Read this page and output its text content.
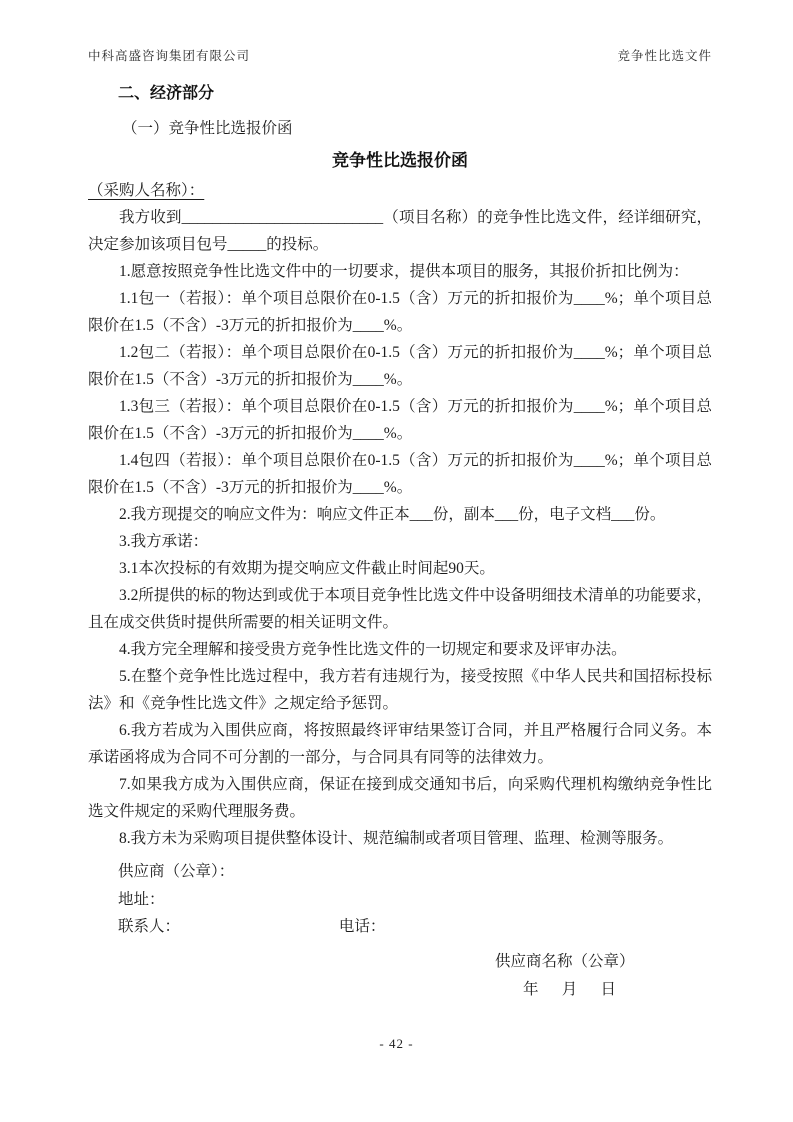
中科高盛咨询集团有限公司	竞争性比选文件
二、经济部分
（一）竞争性比选报价函
竞争性比选报价函
（采购人名称）：

我方收到__________________________（项目名称）的竞争性比选文件，经详细研究，决定参加该项目包号_____的投标。

1.愿意按照竞争性比选文件中的一切要求，提供本项目的服务，其报价折扣比例为：

1.1包一（若报）：单个项目总限价在0-1.5（含）万元的折扣报价为____%；单个项目总限价在1.5（不含）-3万元的折扣报价为____%。

1.2包二（若报）：单个项目总限价在0-1.5（含）万元的折扣报价为____%；单个项目总限价在1.5（不含）-3万元的折扣报价为____%。

1.3包三（若报）：单个项目总限价在0-1.5（含）万元的折扣报价为____%；单个项目总限价在1.5（不含）-3万元的折扣报价为____%。

1.4包四（若报）：单个项目总限价在0-1.5（含）万元的折扣报价为____%；单个项目总限价在1.5（不含）-3万元的折扣报价为____%。

2.我方现提交的响应文件为：响应文件正本___份，副本___份，电子文档___份。

3.我方承诺：

3.1本次投标的有效期为提交响应文件截止时间起90天。

3.2所提供的标的物达到或优于本项目竞争性比选文件中设备明细技术清单的功能要求，且在成交供货时提供所需要的相关证明文件。

4.我方完全理解和接受贵方竞争性比选文件的一切规定和要求及评审办法。

5.在整个竞争性比选过程中，我方若有违规行为，接受按照《中华人民共和国招标投标法》和《竞争性比选文件》之规定给予惩罚。

6.我方若成为入围供应商，将按照最终评审结果签订合同，并且严格履行合同义务。本承诺函将成为合同不可分割的一部分，与合同具有同等的法律效力。

7.如果我方成为入围供应商，保证在接到成交通知书后，向采购代理机构缴纳竞争性比选文件规定的采购代理服务费。

8.我方未为采购项目提供整体设计、规范编制或者项目管理、监理、检测等服务。

供应商（公章）：
地址：
联系人：	电话：
供应商名称（公章）
年      月      日
- 42 -
